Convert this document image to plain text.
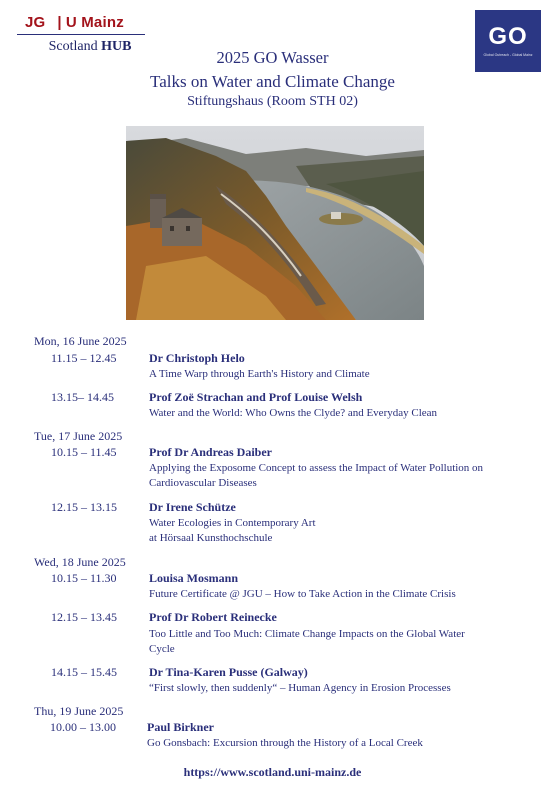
JG | U Mainz
Scotland HUB	GO
Global Outreach - Global Mainz
2025 GO Wasser
Talks on Water and Climate Change
Stiftungshaus (Room STH 02)
Mon, 16 June 2025
11.15 – 12.45	Dr Christoph Helo
A Time Warp through Earth's History and Climate
13.15– 14.45	Prof Zoë Strachan and Prof Louise Welsh
Water and the World: Who Owns the Clyde? and Everyday Clean
Tue, 17 June 2025
10.15 – 11.45	Prof Dr Andreas Daiber
Applying the Exposome Concept to assess the Impact of Water Pollution on
Cardiovascular Diseases
12.15 – 13.15	Dr Irene Schütze
Water Ecologies in Contemporary Art
at Hörsaal Kunsthochschule
Wed, 18 June 2025
10.15 – 11.30	Louisa Mosmann
Future Certificate @ JGU – How to Take Action in the Climate Crisis
12.15 – 13.45	Prof Dr Robert Reinecke
Too Little and Too Much: Climate Change Impacts on the Global Water
Cycle
14.15 – 15.45	Dr Tina-Karen Pusse (Galway)
“First slowly, then suddenly“ – Human Agency in Erosion Processes
Thu, 19 June 2025
10.00 – 13.00	Paul Birkner
Go Gonsbach: Excursion through the History of a Local Creek
https://www.scotland.uni-mainz.de
